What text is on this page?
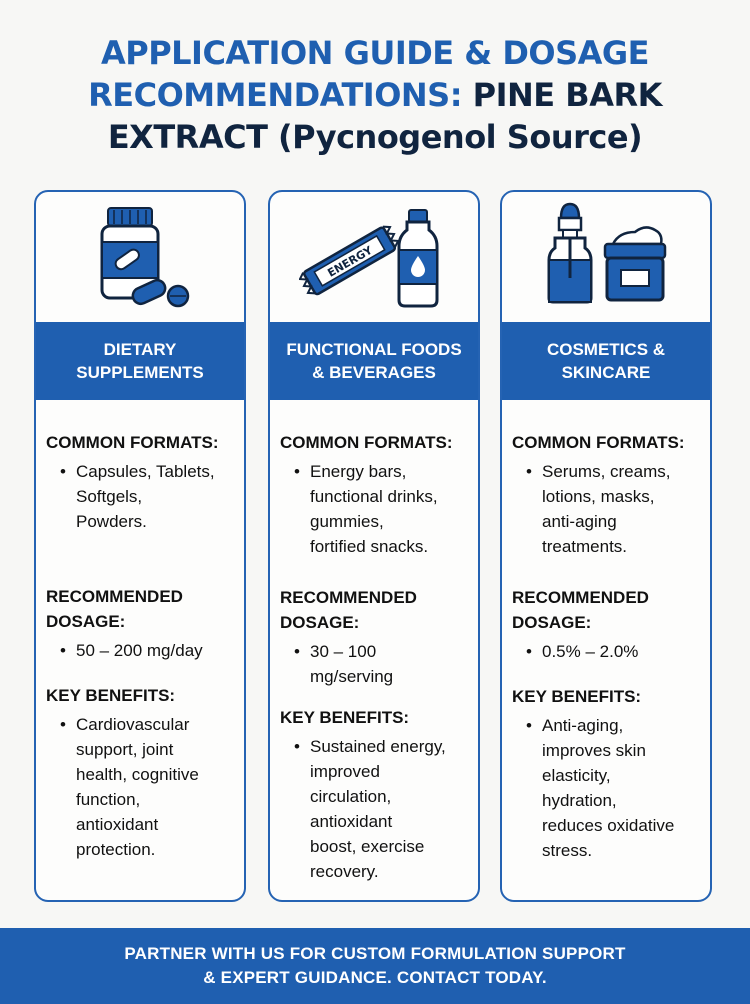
APPLICATION GUIDE & DOSAGE
RECOMMENDATIONS: PINE BARK
EXTRACT (Pycnogenol Source)
DIETARY
SUPPLEMENTS

COMMON FORMATS:

• Capsules, Tablets,
Softgels,
Powders.

RECOMMENDED
DOSAGE:

• 50 – 200 mg/day

KEY BENEFITS:

• Cardiovascular
support, joint
health, cognitive
function,
antioxidant
protection.
ENERGY
FUNCTIONAL FOODS
& BEVERAGES

COMMON FORMATS:

• Energy bars,
functional drinks,
gummies,
fortified snacks.

RECOMMENDED
DOSAGE:

• 30 – 100
mg/serving

KEY BENEFITS:

• Sustained energy,
improved
circulation,
antioxidant
boost, exercise
recovery.
COSMETICS &
SKINCARE

COMMON FORMATS:

• Serums, creams,
lotions, masks,
anti-aging
treatments.

RECOMMENDED
DOSAGE:

• 0.5% – 2.0%

KEY BENEFITS:

• Anti-aging,
improves skin
elasticity,
hydration,
reduces oxidative
stress.
PARTNER WITH US FOR CUSTOM FORMULATION SUPPORT
& EXPERT GUIDANCE. CONTACT TODAY.
